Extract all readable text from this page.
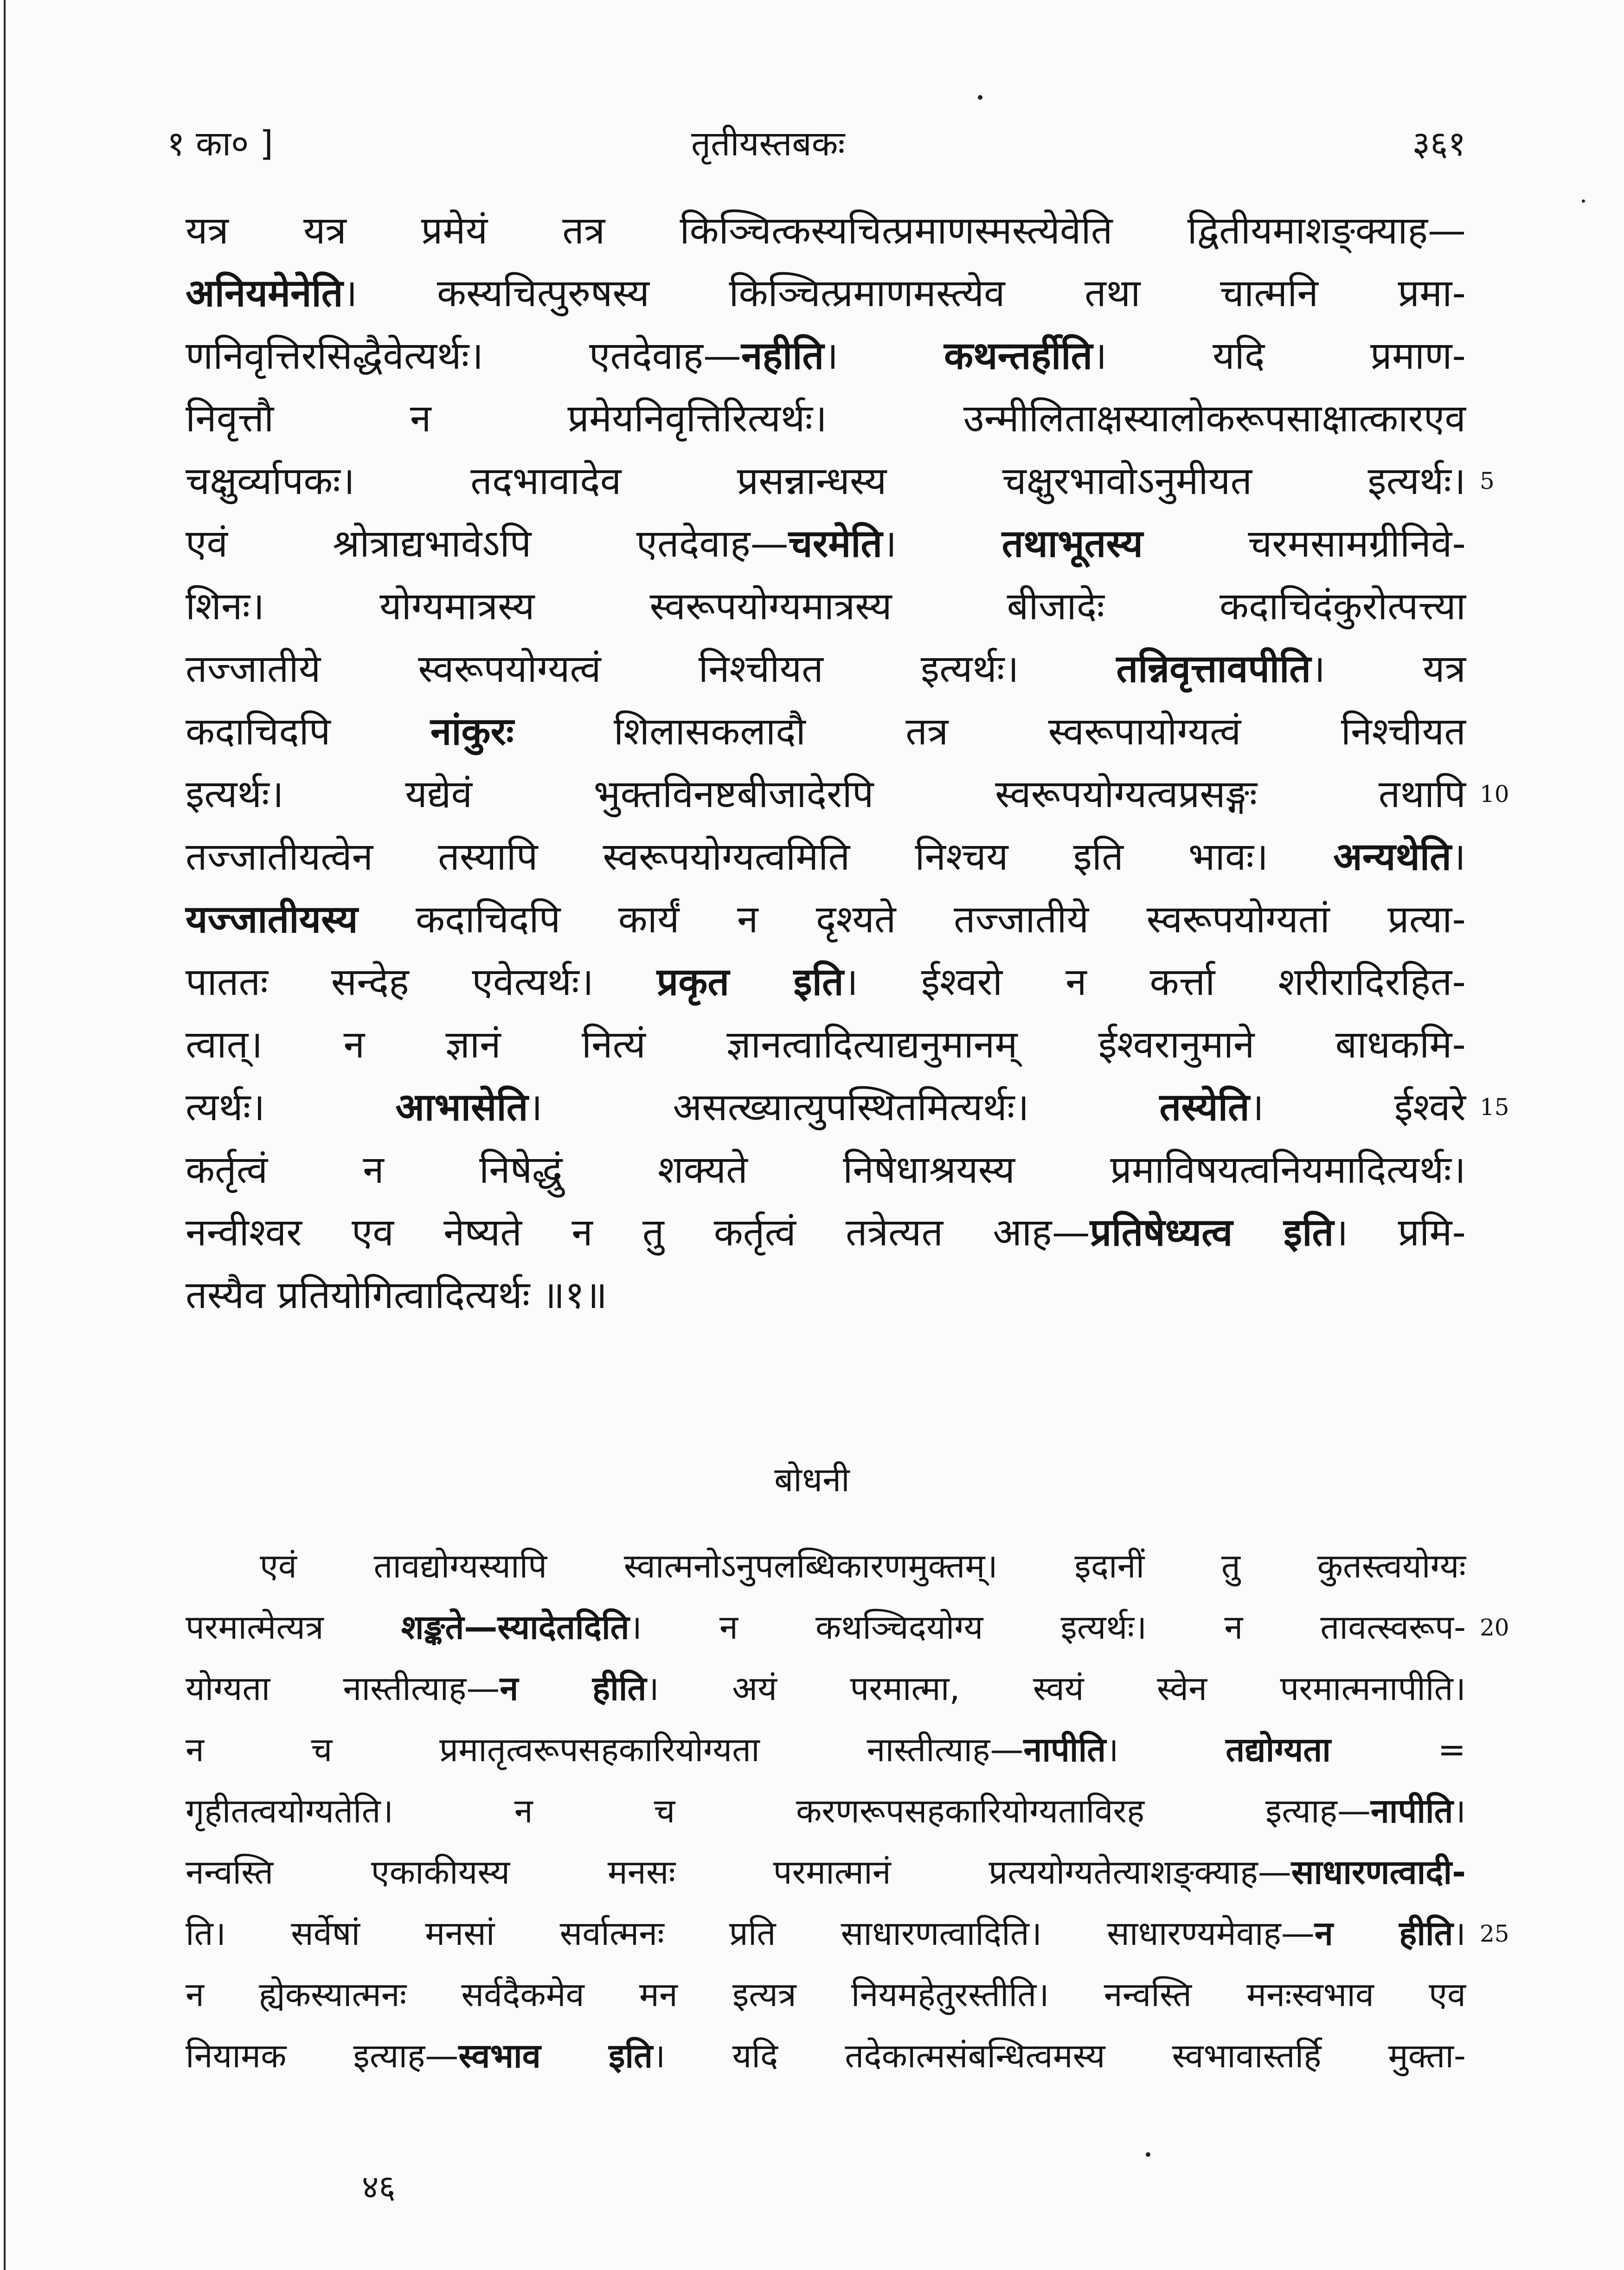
१ का० ]	तृतीयस्तबकः	३६१
यत्र यत्र प्रमेयं तत्र किञ्चित्कस्यचित्प्रमाणस्मस्त्येवेति द्वितीयमाशङ्क्याह—
अनियमेनेति। कस्यचित्पुरुषस्य किञ्चित्प्रमाणमस्त्येव तथा चात्मनि प्रमा-
णनिवृत्तिरसिद्धैवेत्यर्थः। एतदेवाह—नहीति। कथन्तर्हीति। यदि प्रमाण-
निवृत्तौ न प्रमेयनिवृत्तिरित्यर्थः। उन्मीलिताक्षस्यालोकरूपसाक्षात्कारएव
चक्षुर्व्यापकः। तदभावादेव प्रसन्नान्धस्य चक्षुरभावोऽनुमीयत इत्यर्थः। 5
एवं श्रोत्राद्यभावेऽपि एतदेवाह—चरमेति। तथाभूतस्य चरमसामग्रीनिवे-
शिनः। योग्यमात्रस्य स्वरूपयोग्यमात्रस्य बीजादेः कदाचिदंकुरोत्पत्त्या
तज्जातीये स्वरूपयोग्यत्वं निश्चीयत इत्यर्थः। तन्निवृत्तावपीति। यत्र
कदाचिदपि नांकुरः शिलासकलादौ तत्र स्वरूपायोग्यत्वं निश्चीयत
इत्यर्थः। यद्येवं भुक्तविनष्टबीजादेरपि स्वरूपयोग्यत्वप्रसङ्गः तथापि 10
तज्जातीयत्वेन तस्यापि स्वरूपयोग्यत्वमिति निश्चय इति भावः। अन्यथेति।
यज्जातीयस्य कदाचिदपि कार्यं न दृश्यते तज्जातीये स्वरूपयोग्यतां प्रत्या-
पाततः सन्देह एवेत्यर्थः। प्रकृत इति। ईश्वरो न कर्त्ता शरीरादिरहित-
त्वात्। न ज्ञानं नित्यं ज्ञानत्वादित्याद्यनुमानम् ईश्वरानुमाने बाधकमि-
त्यर्थः। आभासेति। असत्ख्यात्युपस्थितमित्यर्थः। तस्येति। ईश्वरे 15
कर्तृत्वं न निषेद्धुं शक्यते निषेधाश्रयस्य प्रमाविषयत्वनियमादित्यर्थः।
नन्वीश्वर एव नेष्यते न तु कर्तृत्वं तत्रेत्यत आह—प्रतिषेध्यत्व इति। प्रमि-
तस्यैव प्रतियोगित्वादित्यर्थः ॥१॥
बोधनी
एवं तावद्योग्यस्यापि स्वात्मनोऽनुपलब्धिकारणमुक्तम्। इदानीं तु कुतस्त्वयोग्यः
परमात्मेत्यत्र शङ्कते—स्यादेतदिति। न कथञ्चिदयोग्य इत्यर्थः। न तावत्स्वरूप- 20
योग्यता नास्तीत्याह—न हीति। अयं परमात्मा, स्वयं स्वेन परमात्मनापीति।
न च प्रमातृत्वरूपसहकारियोग्यता नास्तीत्याह—नापीति। तद्योग्यता =
गृहीतत्वयोग्यतेति। न च करणरूपसहकारियोग्यताविरह इत्याह—नापीति।
नन्वस्ति एकाकीयस्य मनसः परमात्मानं प्रत्ययोग्यतेत्याशङ्क्याह—साधारणत्वादी-
ति। सर्वेषां मनसां सर्वात्मनः प्रति साधारणत्वादिति। साधारण्यमेवाह—न हीति। 25
न ह्येकस्यात्मनः सर्वदैकमेव मन इत्यत्र नियमहेतुरस्तीति। नन्वस्ति मनःस्वभाव एव
नियामक इत्याह—स्वभाव इति। यदि तदेकात्मसंबन्धित्वमस्य स्वभावास्तर्हि मुक्ता-
४६
